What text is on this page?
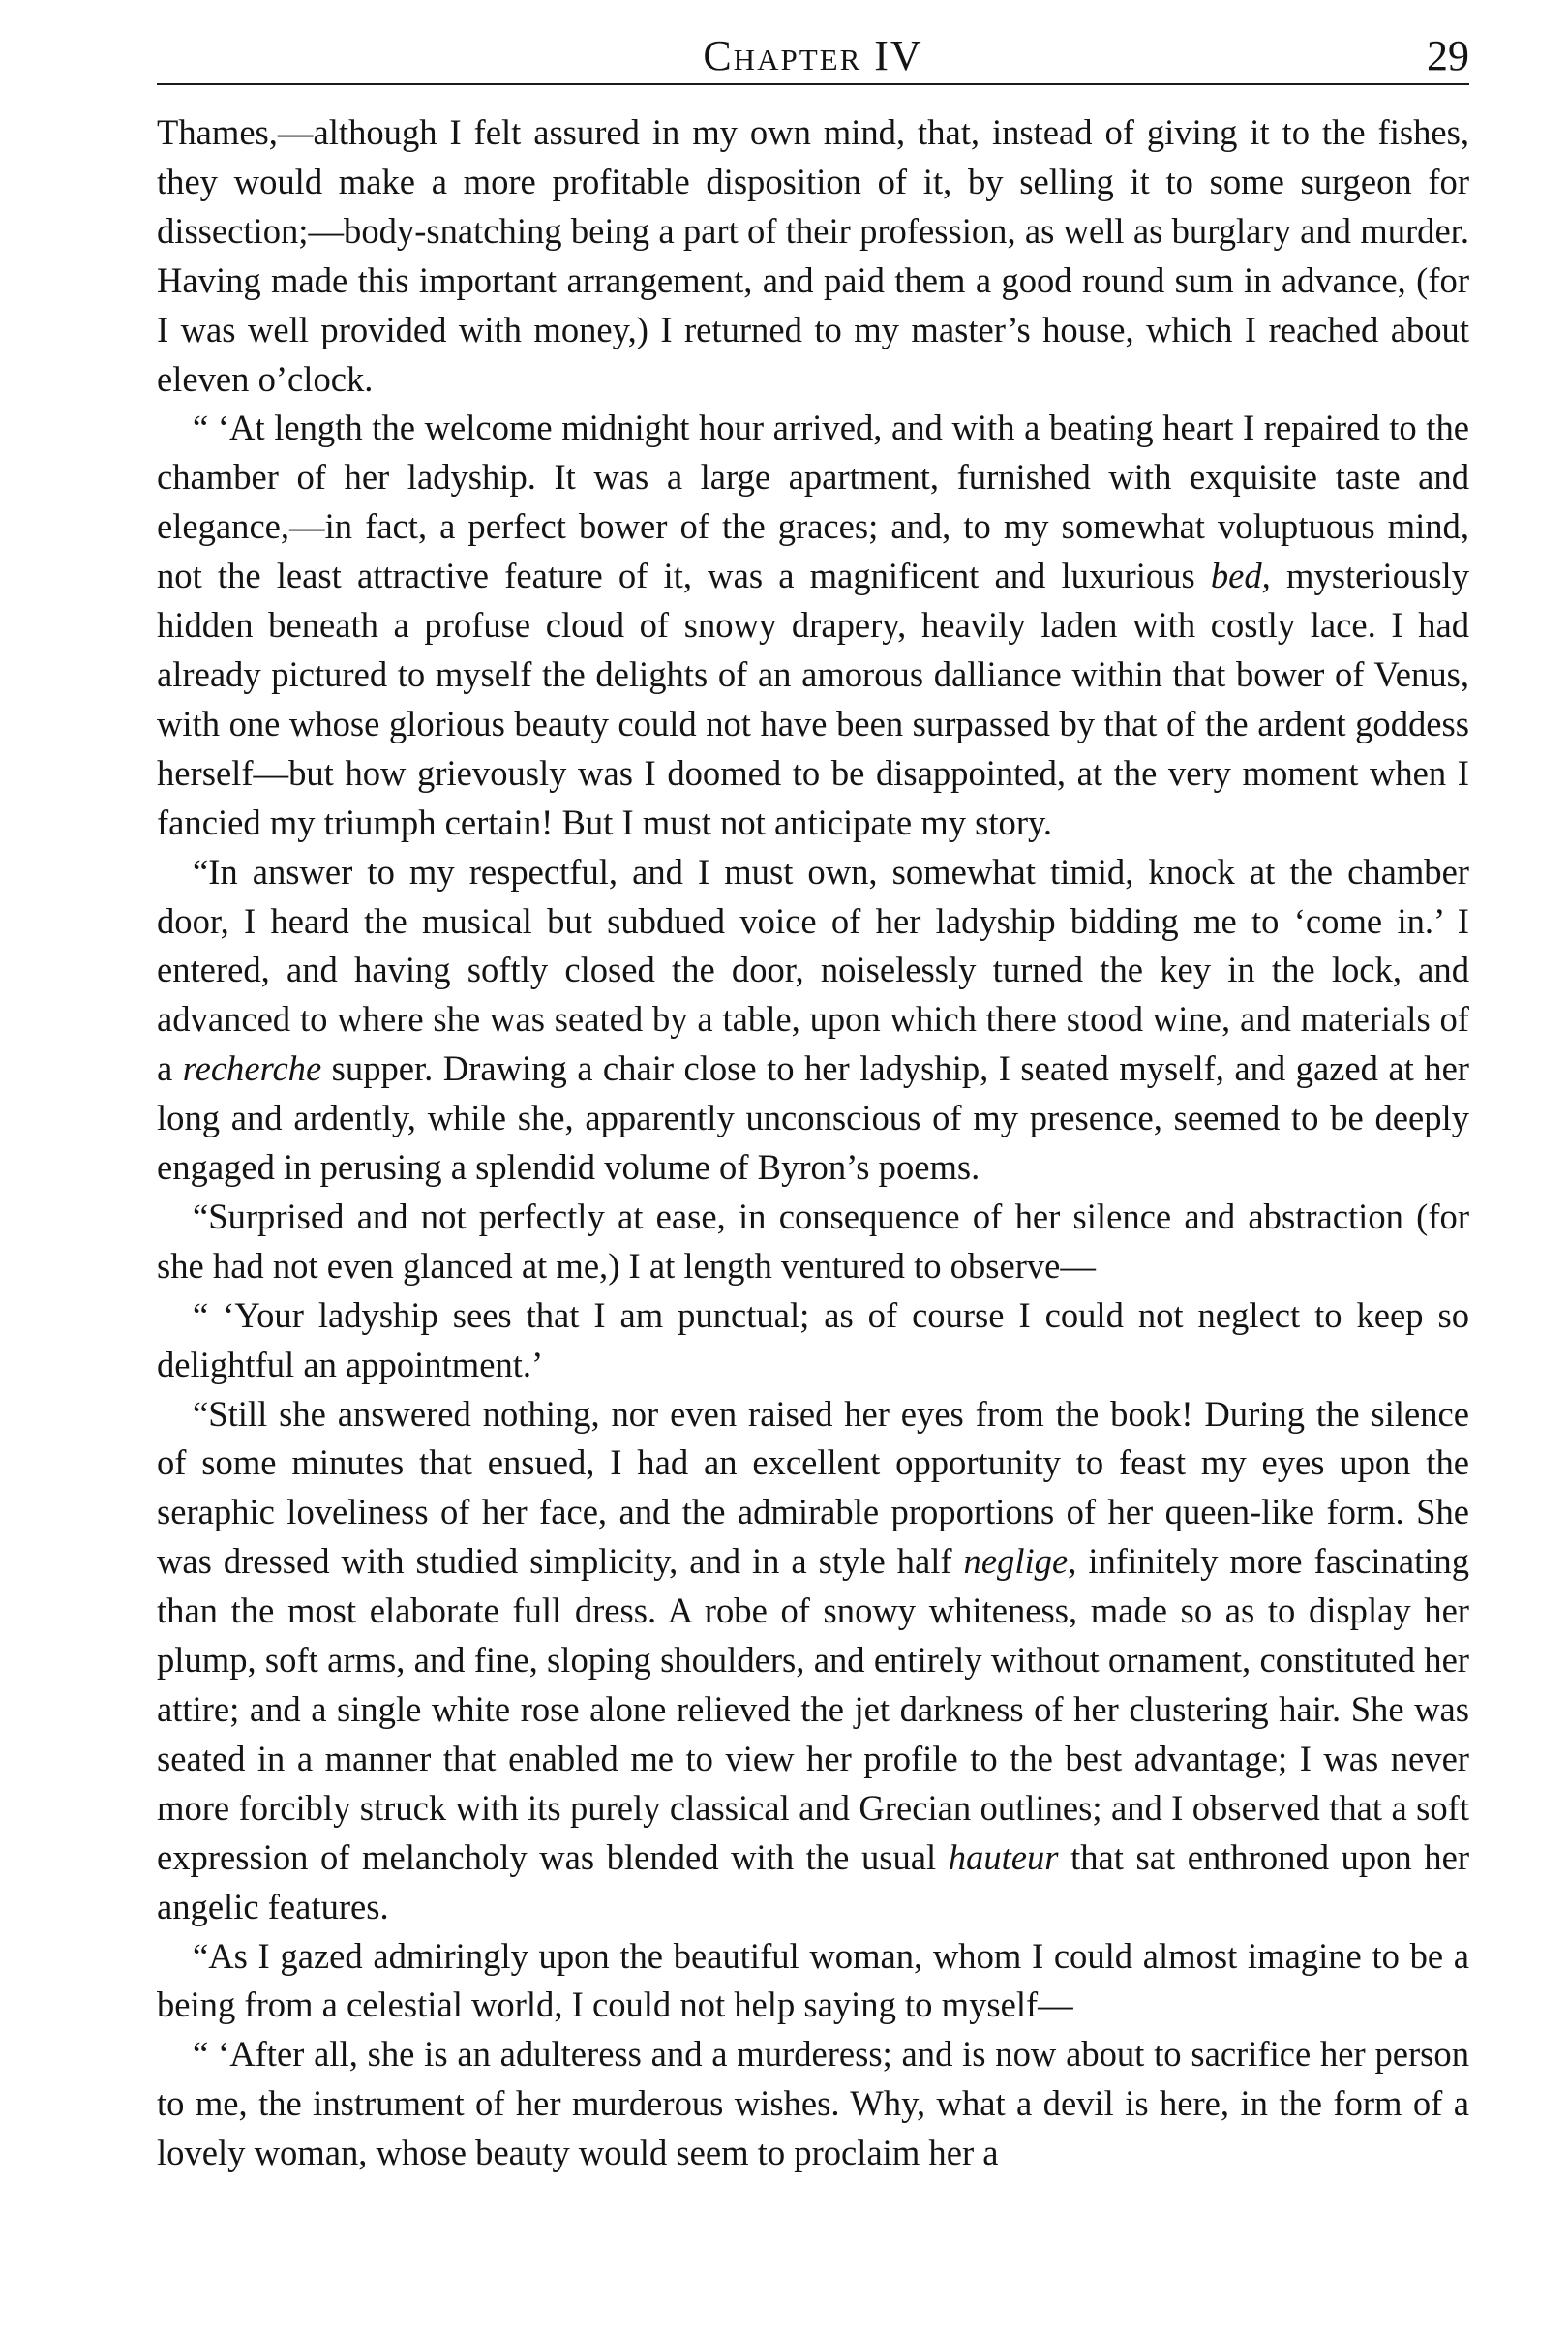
Chapter IV	29

Thames,—although I felt assured in my own mind, that, instead of giving it to the fishes, they would make a more profitable disposition of it, by selling it to some surgeon for dissection;—body-snatching being a part of their profession, as well as burglary and murder. Having made this important arrangement, and paid them a good round sum in advance, (for I was well provided with money,) I returned to my master’s house, which I reached about eleven o’clock.

“ ‘At length the welcome midnight hour arrived, and with a beating heart I repaired to the chamber of her ladyship. It was a large apartment, furnished with exquisite taste and elegance,—in fact, a perfect bower of the graces; and, to my somewhat voluptuous mind, not the least attractive feature of it, was a magnificent and luxurious bed, mysteriously hidden beneath a profuse cloud of snowy drapery, heavily laden with costly lace. I had already pictured to myself the delights of an amorous dalliance within that bower of Venus, with one whose glorious beauty could not have been surpassed by that of the ardent goddess herself—but how grievously was I doomed to be disappointed, at the very moment when I fancied my triumph certain! But I must not anticipate my story.

“In answer to my respectful, and I must own, somewhat timid, knock at the chamber door, I heard the musical but subdued voice of her ladyship bidding me to ‘come in.’ I entered, and having softly closed the door, noiselessly turned the key in the lock, and advanced to where she was seated by a table, upon which there stood wine, and materials of a recherche supper. Drawing a chair close to her ladyship, I seated myself, and gazed at her long and ardently, while she, apparently unconscious of my presence, seemed to be deeply engaged in perusing a splendid volume of Byron’s poems.

“Surprised and not perfectly at ease, in consequence of her silence and abstraction (for she had not even glanced at me,) I at length ventured to observe—

“ ‘Your ladyship sees that I am punctual; as of course I could not neglect to keep so delightful an appointment.’

“Still she answered nothing, nor even raised her eyes from the book! During the silence of some minutes that ensued, I had an excellent opportunity to feast my eyes upon the seraphic loveliness of her face, and the admirable proportions of her queen-like form. She was dressed with studied simplicity, and in a style half neglige, infinitely more fascinating than the most elaborate full dress. A robe of snowy whiteness, made so as to display her plump, soft arms, and fine, sloping shoulders, and entirely without ornament, constituted her attire; and a single white rose alone relieved the jet darkness of her clustering hair. She was seated in a manner that enabled me to view her profile to the best advantage; I was never more forcibly struck with its purely classical and Grecian outlines; and I observed that a soft expression of melancholy was blended with the usual hauteur that sat enthroned upon her angelic features.

“As I gazed admiringly upon the beautiful woman, whom I could almost imagine to be a being from a celestial world, I could not help saying to myself—

“ ‘After all, she is an adulteress and a murderess; and is now about to sacrifice her person to me, the instrument of her murderous wishes. Why, what a devil is here, in the form of a lovely woman, whose beauty would seem to proclaim her a
